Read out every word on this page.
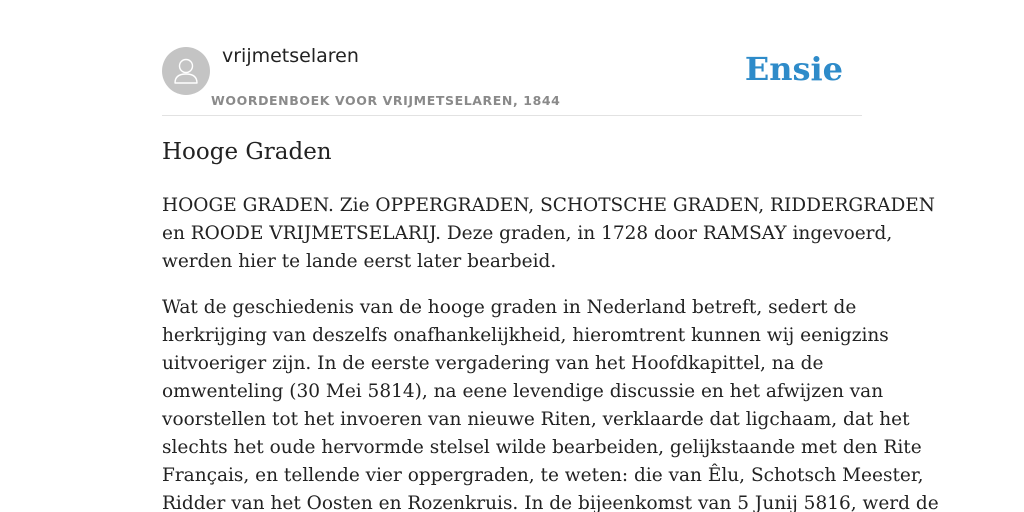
vrijmetselaren
WOORDENBOEK VOOR VRIJMETSELAREN, 1844
Ensie
Hooge Graden

HOOGE GRADEN. Zie OPPERGRADEN, SCHOTSCHE GRADEN, RIDDERGRADEN
en ROODE VRIJMETSELARIJ. Deze graden, in 1728 door RAMSAY ingevoerd,
werden hier te lande eerst later bearbeid.

Wat de geschiedenis van de hooge graden in Nederland betreft, sedert de
herkrijging van deszelfs onafhankelijkheid, hieromtrent kunnen wij eenigzins
uitvoeriger zijn. In de eerste vergadering van het Hoofdkapittel, na de
omwenteling (30 Mei 5814), na eene levendige discussie en het afwijzen van
voorstellen tot het invoeren van nieuwe Riten, verklaarde dat ligchaam, dat het
slechts het oude hervormde stelsel wilde bearbeiden, gelijkstaande met den Rite
Français, en tellende vier oppergraden, te weten: die van Êlu, Schotsch Meester,
Ridder van het Oosten en Rozenkruis. In de bijeenkomst van 5 Junij 5816, werd de
